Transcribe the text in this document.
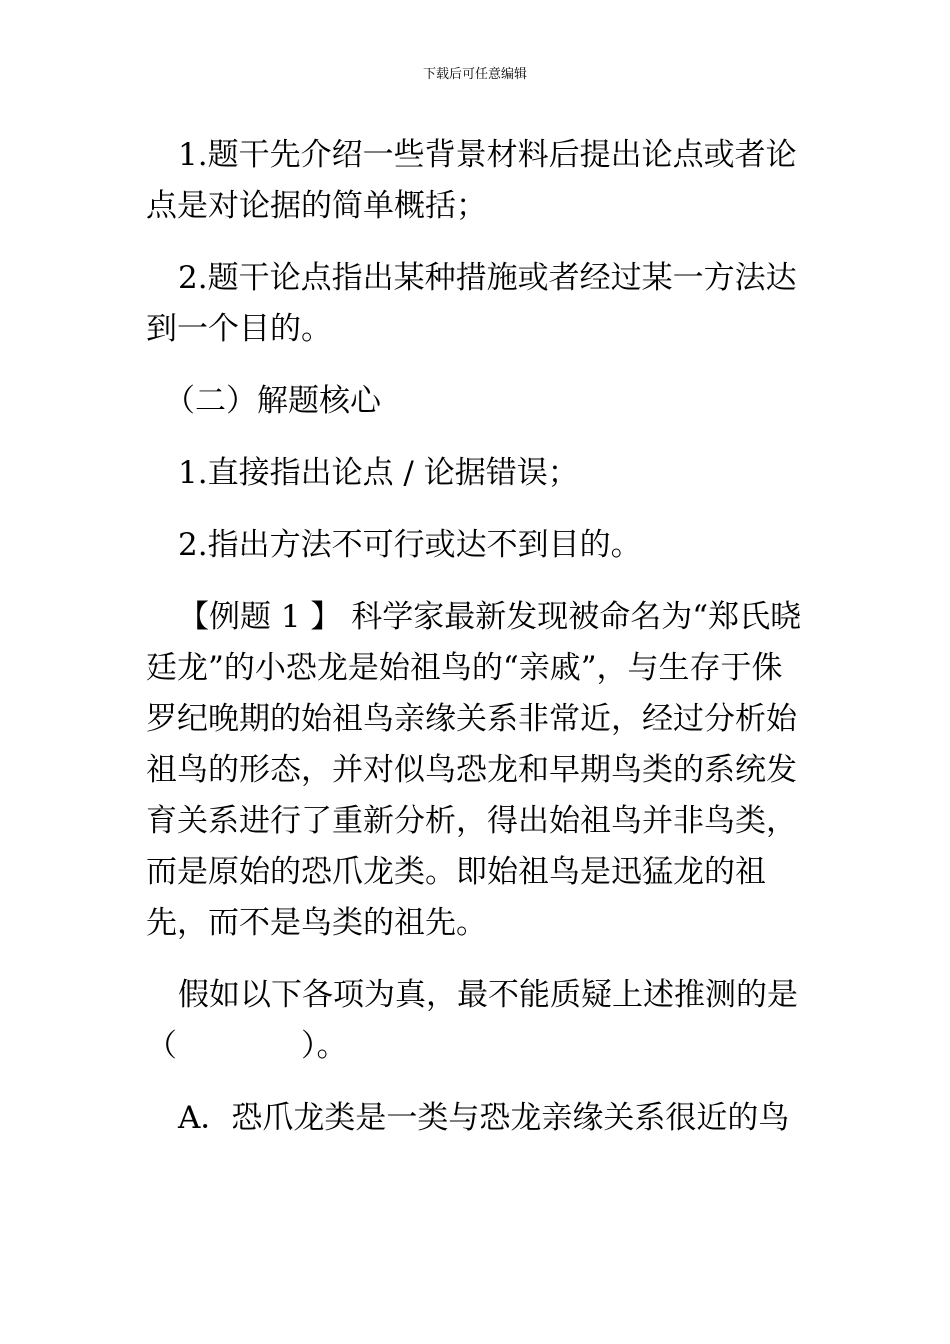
下载后可任意编辑

1.题干先介绍一些背景材料后提出论点或者论点是对论据的简单概括；

2.题干论点指出某种措施或者经过某一方法达到一个目的。

（二）解题核心

1.直接指出论点 / 论据错误；

2.指出方法不可行或达不到目的。

【例题 1 】 科学家最新发现被命名为“郑氏晓廷龙”的小恐龙是始祖鸟的“亲戚”，与生存于侏罗纪晚期的始祖鸟亲缘关系非常近，经过分析始祖鸟的形态，并对似鸟恐龙和早期鸟类的系统发育关系进行了重新分析，得出始祖鸟并非鸟类，而是原始的恐爪龙类。即始祖鸟是迅猛龙的祖先，而不是鸟类的祖先。

假如以下各项为真，最不能质疑上述推测的是（　　　　）。

A．恐爪龙类是一类与恐龙亲缘关系很近的鸟
